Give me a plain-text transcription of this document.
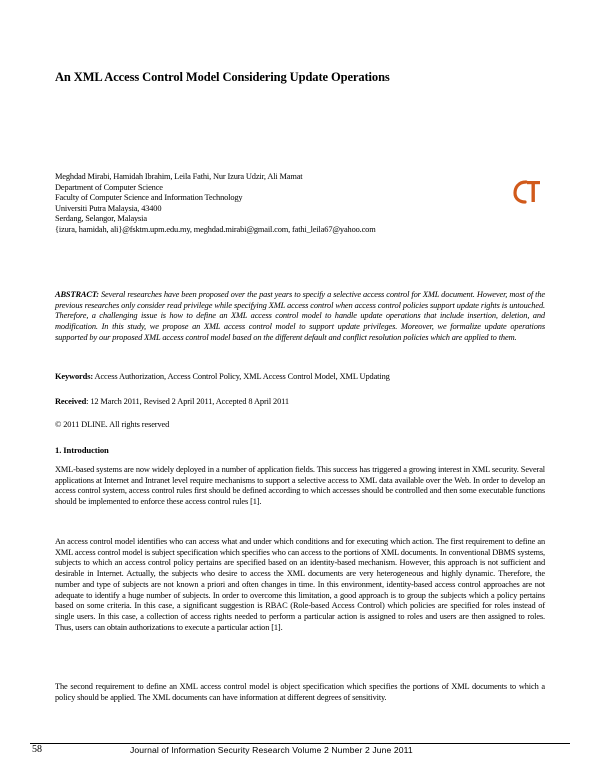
An XML Access Control Model Considering Update Operations
Meghdad Mirabi, Hamidah Ibrahim, Leila Fathi, Nur Izura Udzir, Ali Mamat
Department of Computer Science
Faculty of Computer Science and Information Technology
Universiti Putra Malaysia, 43400
Serdang, Selangor, Malaysia
{izura, hamidah, ali}@fsktm.upm.edu.my, meghdad.mirabi@gmail.com, fathi_leila67@yahoo.com
ABSTRACT: Several researches have been proposed over the past years to specify a selective access control for XML document. However, most of the previous researches only consider read privilege while specifying XML access control when access control policies support update rights is untouched. Therefore, a challenging issue is how to define an XML access control model to handle update operations that include insertion, deletion, and modification. In this study, we propose an XML access control model to support update privileges. Moreover, we formalize update operations supported by our proposed XML access control model based on the different default and conflict resolution policies which are applied to them.
Keywords: Access Authorization, Access Control Policy, XML Access Control Model, XML Updating
Received: 12 March 2011, Revised 2 April 2011, Accepted 8 April 2011
© 2011 DLINE. All rights reserved
1. Introduction
XML-based systems are now widely deployed in a number of application fields. This success has triggered a growing interest in XML security. Several applications at Internet and Intranet level require mechanisms to support a selective access to XML data available over the Web. In order to develop an access control system, access control rules first should be defined according to which accesses should be controlled and then some executable functions should be implemented to enforce these access control rules [1].
An access control model identifies who can access what and under which conditions and for executing which action. The first requirement to define an XML access control model is subject specification which specifies who can access to the portions of XML documents. In conventional DBMS systems, subjects to which an access control policy pertains are specified based on an identity-based mechanism. However, this approach is not sufficient and desirable in Internet. Actually, the subjects who desire to access the XML documents are very heterogeneous and highly dynamic. Therefore, the number and type of subjects are not known a priori and often changes in time. In this environment, identity-based access control approaches are not adequate to identify a huge number of subjects. In order to overcome this limitation, a good approach is to group the subjects which a policy pertains based on some criteria. In this case, a significant suggestion is RBAC (Role-based Access Control) which policies are specified for roles instead of single users. In this case, a collection of access rights needed to perform a particular action is assigned to roles and users are then assigned to roles. Thus, users can obtain authorizations to execute a particular action [1].
The second requirement to define an XML access control model is object specification which specifies the portions of XML documents to which a policy should be applied. The XML documents can have information at different degrees of sensitivity.
58	Journal of Information Security Research Volume 2 Number 2 June 2011
